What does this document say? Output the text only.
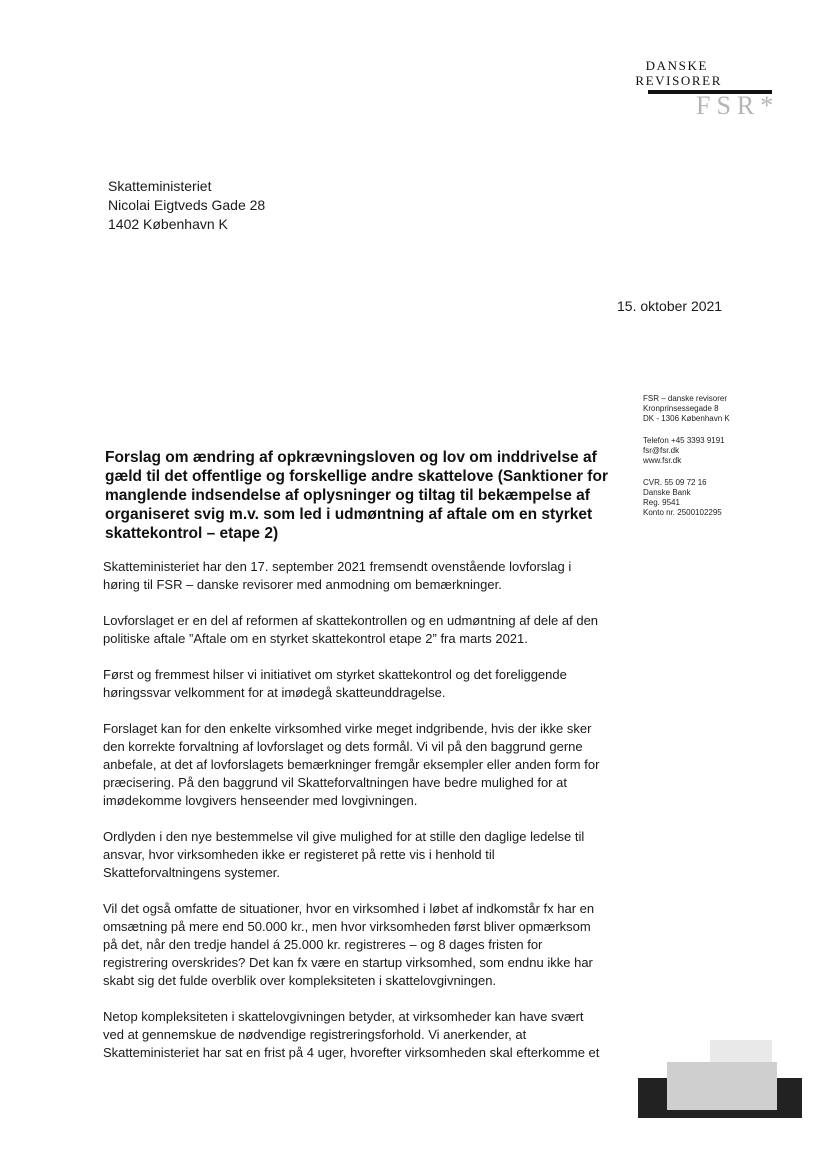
DANSKE
REVISORER
FSR*
Skatteministeriet
Nicolai Eigtveds Gade 28
1402 København K
15. oktober 2021
FSR – danske revisorer
Kronprinsessegade 8
DK - 1306 København K
Telefon +45 3393 9191
fsr@fsr.dk
www.fsr.dk
CVR. 55 09 72 16
Danske Bank
Reg. 9541
Konto nr. 2500102295
Forslag om ændring af opkrævningsloven og lov om inddrivelse af gæld til det offentlige og forskellige andre skattelove (Sanktioner for manglende indsendelse af oplysninger og tiltag til bekæmpelse af organiseret svig m.v. som led i udmøntning af aftale om en styrket skattekontrol – etape 2)

Skatteministeriet har den 17. september 2021 fremsendt ovenstående lovforslag i høring til FSR – danske revisorer med anmodning om bemærkninger.

Lovforslaget er en del af reformen af skattekontrollen og en udmøntning af dele af den politiske aftale ”Aftale om en styrket skattekontrol etape 2” fra marts 2021.

Først og fremmest hilser vi initiativet om styrket skattekontrol og det foreliggende høringssvar velkomment for at imødegå skatteunddragelse.

Forslaget kan for den enkelte virksomhed virke meget indgribende, hvis der ikke sker den korrekte forvaltning af lovforslaget og dets formål. Vi vil på den baggrund gerne anbefale, at det af lovforslagets bemærkninger fremgår eksempler eller anden form for præcisering. På den baggrund vil Skatteforvaltningen have bedre mulighed for at imødekomme lovgivers henseender med lovgivningen.

Ordlyden i den nye bestemmelse vil give mulighed for at stille den daglige ledelse til ansvar, hvor virksomheden ikke er registeret på rette vis i henhold til Skatteforvaltningens systemer.

Vil det også omfatte de situationer, hvor en virksomhed i løbet af indkomstår fx har en omsætning på mere end 50.000 kr., men hvor virksomheden først bliver opmærksom på det, når den tredje handel á 25.000 kr. registreres – og 8 dages fristen for registrering overskrides? Det kan fx være en startup virksomhed, som endnu ikke har skabt sig det fulde overblik over kompleksiteten i skattelovgivningen.

Netop kompleksiteten i skattelovgivningen betyder, at virksomheder kan have svært ved at gennemskue de nødvendige registreringsforhold. Vi anerkender, at Skatteministeriet har sat en frist på 4 uger, hvorefter virksomheden skal efterkomme et
